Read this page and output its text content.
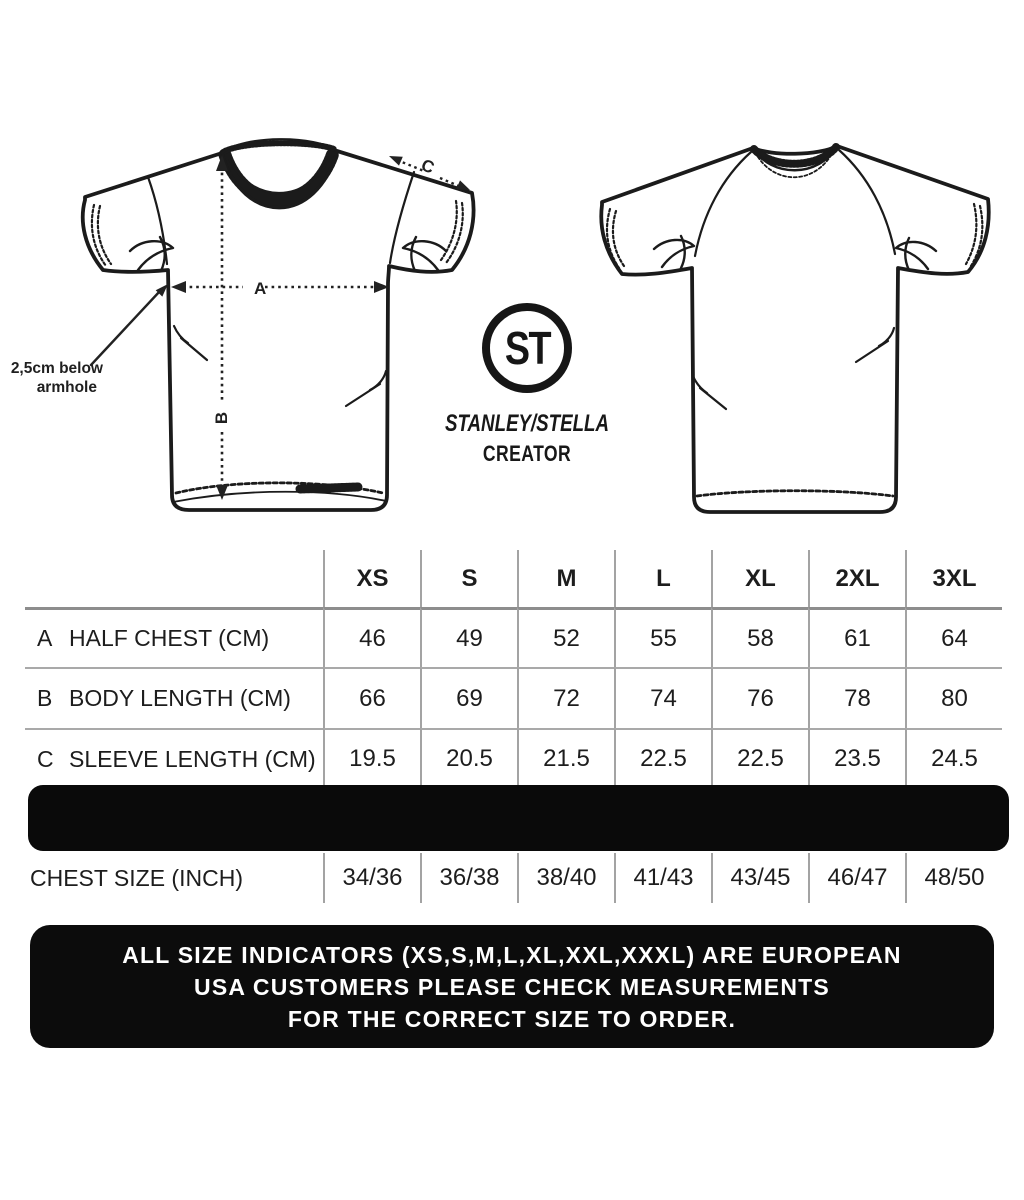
A
B
C
2,5cm below
armhole
ST
STANLEY/STELLA
CREATOR
XS	S	M	L	XL	2XL	3XL
A HALF CHEST (CM)	46	49	52	55	58	61	64
B BODY LENGTH (CM)	66	69	72	74	76	78	80
C SLEEVE LENGTH (CM)	19.5	20.5	21.5	22.5	22.5	23.5	24.5
CHEST SIZE (INCH)	34/36	36/38	38/40	41/43	43/45	46/47	48/50
ALL SIZE INDICATORS (XS,S,M,L,XL,XXL,XXXL) ARE EUROPEAN
USA CUSTOMERS PLEASE CHECK MEASUREMENTS
FOR THE CORRECT SIZE TO ORDER.
